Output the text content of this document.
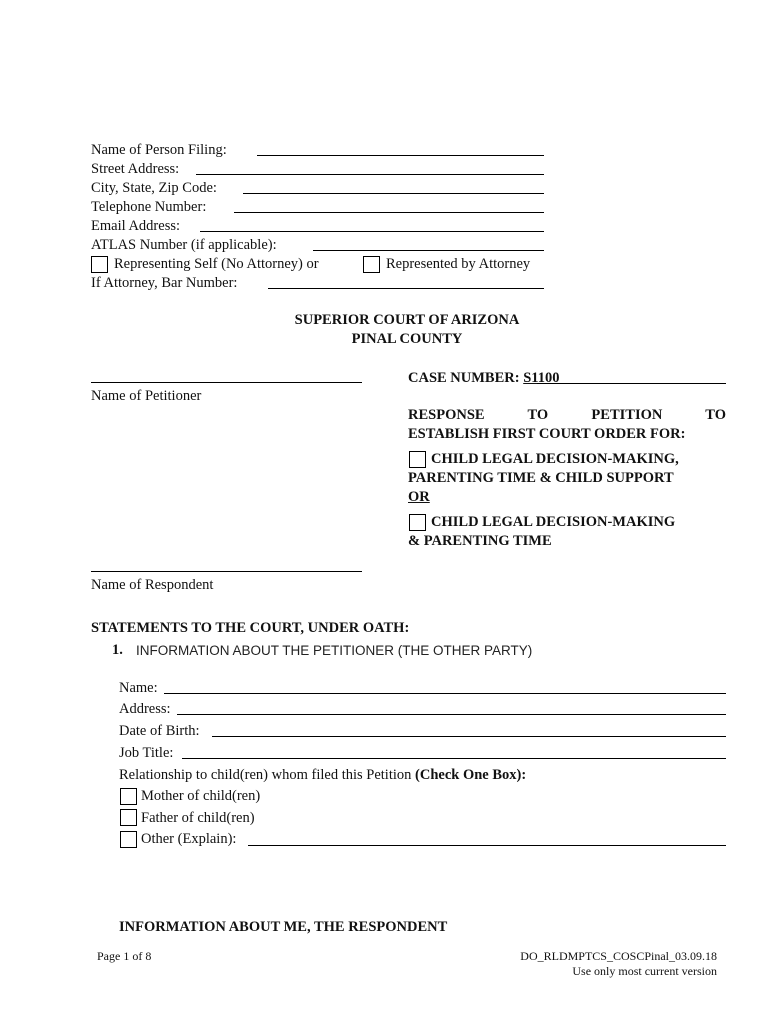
Name of Person Filing:
Street Address:
City, State, Zip Code:
Telephone Number:
Email Address:
ATLAS Number (if applicable):
Representing Self (No Attorney) or	Represented by Attorney
If Attorney, Bar Number:
SUPERIOR COURT OF ARIZONA
PINAL COUNTY
Name of Petitioner
Name of Respondent
CASE NUMBER: S1100
RESPONSE TO PETITION TO
ESTABLISH FIRST COURT ORDER FOR:
CHILD LEGAL DECISION-MAKING,
PARENTING TIME & CHILD SUPPORT
OR
CHILD LEGAL DECISION-MAKING
& PARENTING TIME
STATEMENTS TO THE COURT, UNDER OATH:
1. INFORMATION ABOUT THE PETITIONER (THE OTHER PARTY)
Name:
Address:
Date of Birth:
Job Title:
Relationship to child(ren) whom filed this Petition (Check One Box):
Mother of child(ren)
Father of child(ren)
Other (Explain):
INFORMATION ABOUT ME, THE RESPONDENT
Page 1 of 8	DO_RLDMPTCS_COSCPinal_03.09.18
Use only most current version
